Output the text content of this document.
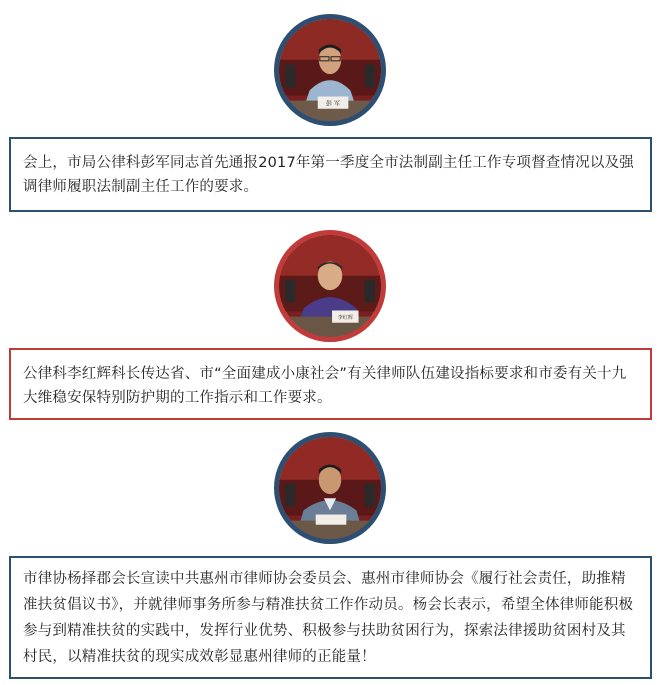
彭 军
会上，市局公律科彭军同志首先通报2017年第一季度全市法制副主任工作专项督查情况以及强调律师履职法制副主任工作的要求。
李红辉
公律科李红辉科长传达省、市“全面建成小康社会”有关律师队伍建设指标要求和市委有关十九大维稳安保特别防护期的工作指示和工作要求。
市律协杨择郡会长宣读中共惠州市律师协会委员会、惠州市律师协会《履行社会责任，助推精准扶贫倡议书》，并就律师事务所参与精准扶贫工作作动员。杨会长表示，希望全体律师能积极参与到精准扶贫的实践中，发挥行业优势、积极参与扶助贫困行为，探索法律援助贫困村及其村民，以精准扶贫的现实成效彰显惠州律师的正能量！
